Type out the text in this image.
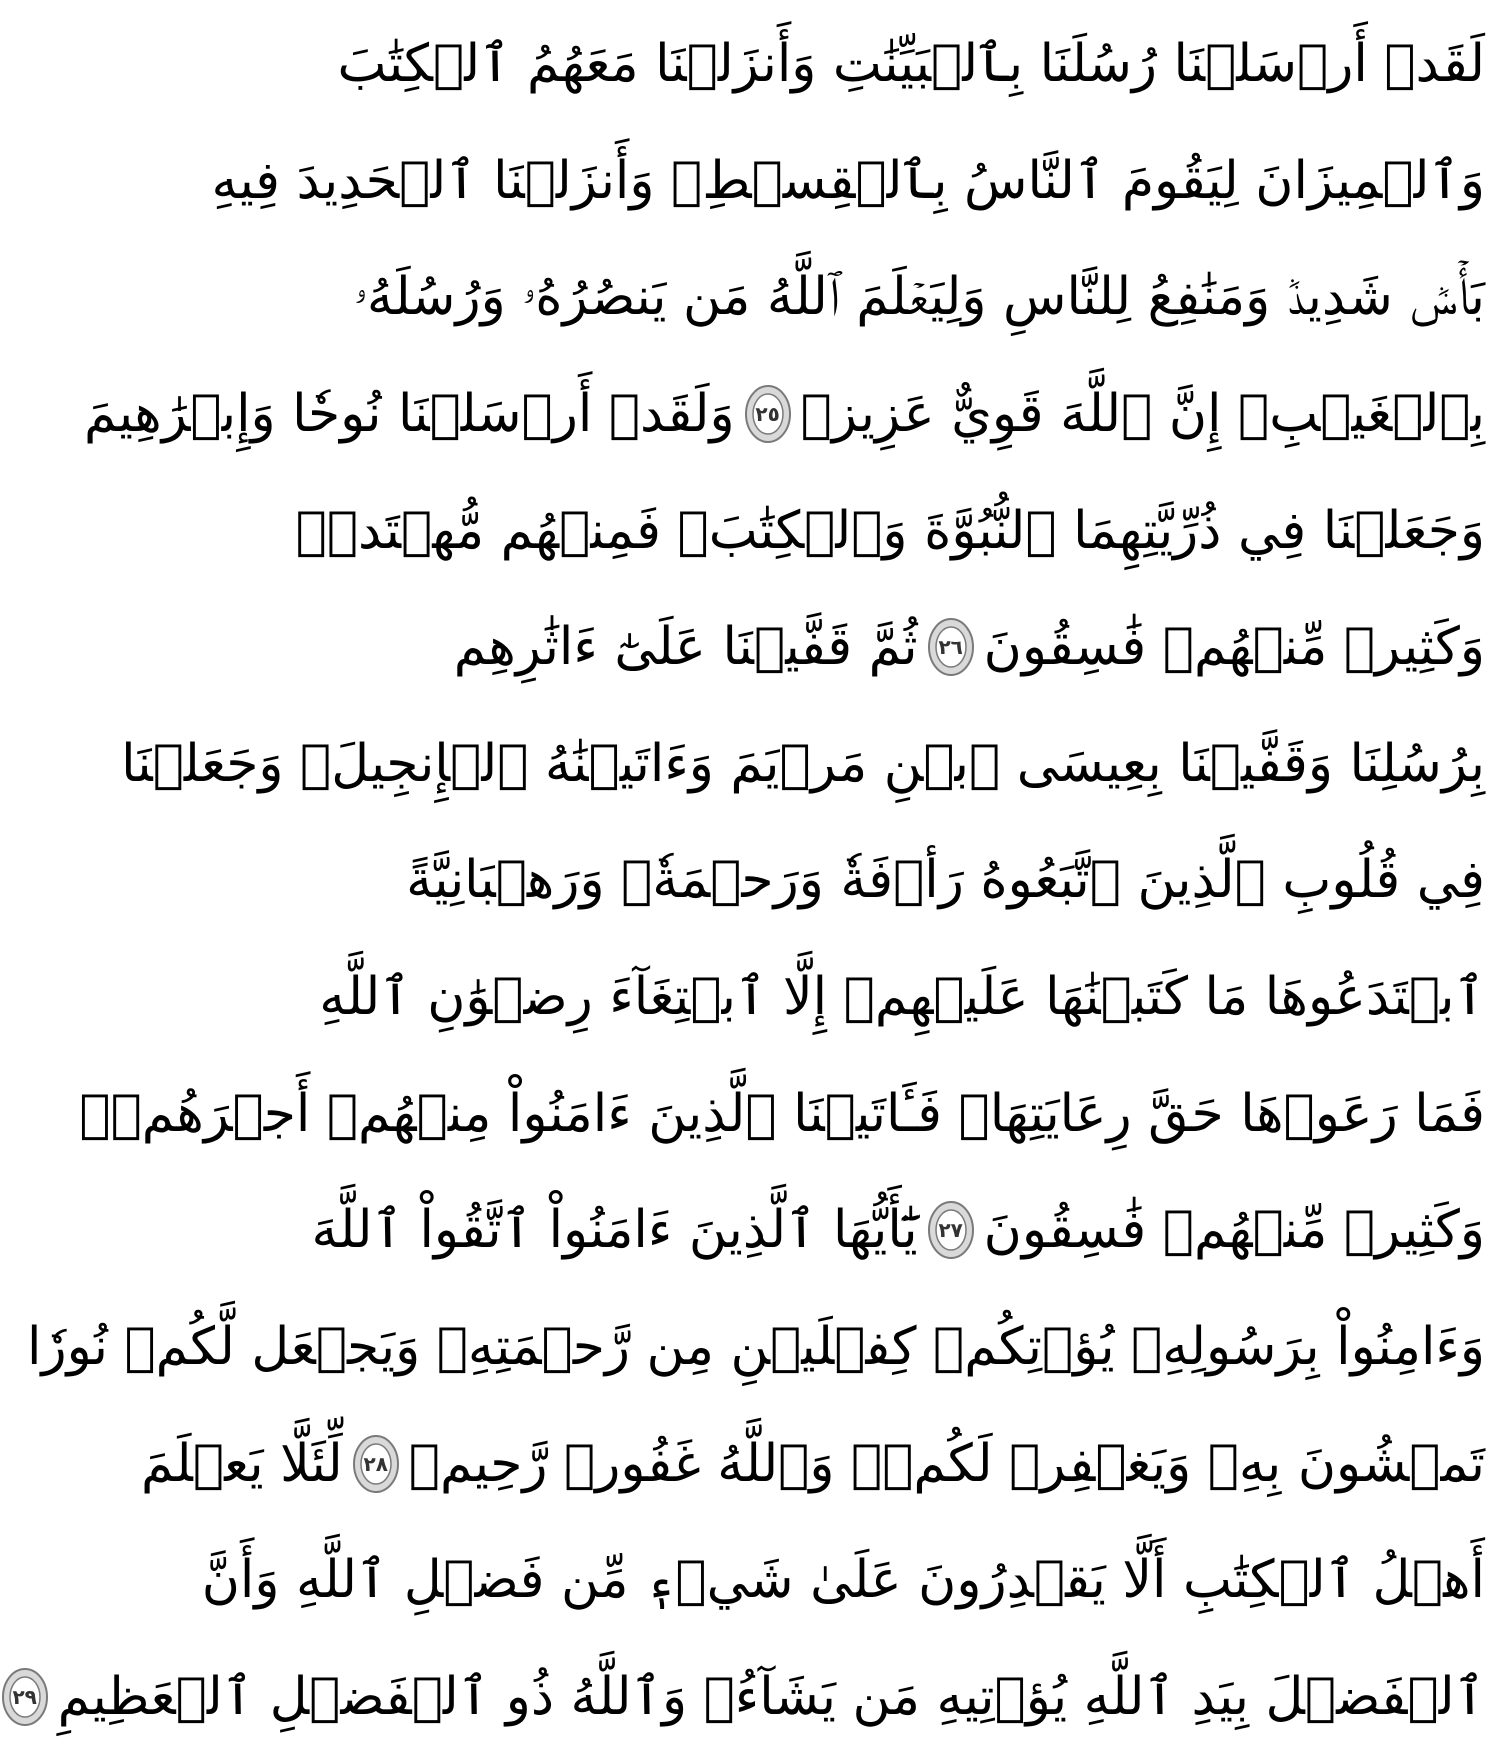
لَقَدۡ أَرۡسَلۡنَا رُسُلَنَا بِٱلۡبَيِّنَٰتِ وَأَنزَلۡنَا مَعَهُمُ ٱلۡكِتَٰبَ
وَٱلۡمِيزَانَ لِيَقُومَ ٱلنَّاسُ بِٱلۡقِسۡطِۖ وَأَنزَلۡنَا ٱلۡحَدِيدَ فِيهِ
بَأۡسٞ شَدِيدٞ وَمَنَٰفِعُ لِلنَّاسِ وَلِيَعۡلَمَ ٱللَّهُ مَن يَنصُرُهُۥ وَرُسُلَهُۥ
بِٱلۡغَيۡبِۚ إِنَّ ٱللَّهَ قَوِيٌّ عَزِيزٞ
٢٥
وَلَقَدۡ أَرۡسَلۡنَا نُوحٗا وَإِبۡرَٰهِيمَ
وَجَعَلۡنَا فِي ذُرِّيَّتِهِمَا ٱلنُّبُوَّةَ وَٱلۡكِتَٰبَۖ فَمِنۡهُم مُّهۡتَدٖۖ
وَكَثِيرٞ مِّنۡهُمۡ فَٰسِقُونَ
٢٦
ثُمَّ قَفَّيۡنَا عَلَىٰٓ ءَاثَٰرِهِم
بِرُسُلِنَا وَقَفَّيۡنَا بِعِيسَى ٱبۡنِ مَرۡيَمَ وَءَاتَيۡنَٰهُ ٱلۡإِنجِيلَۖ وَجَعَلۡنَا
فِي قُلُوبِ ٱلَّذِينَ ٱتَّبَعُوهُ رَأۡفَةٗ وَرَحۡمَةٗۚ وَرَهۡبَانِيَّةً
ٱبۡتَدَعُوهَا مَا كَتَبۡنَٰهَا عَلَيۡهِمۡ إِلَّا ٱبۡتِغَآءَ رِضۡوَٰنِ ٱللَّهِ
فَمَا رَعَوۡهَا حَقَّ رِعَايَتِهَاۖ فَـَٔاتَيۡنَا ٱلَّذِينَ ءَامَنُواْ مِنۡهُمۡ أَجۡرَهُمۡۖ
وَكَثِيرٞ مِّنۡهُمۡ فَٰسِقُونَ
٢٧
يَٰٓأَيُّهَا ٱلَّذِينَ ءَامَنُواْ ٱتَّقُواْ ٱللَّهَ
وَءَامِنُواْ بِرَسُولِهِۦ يُؤۡتِكُمۡ كِفۡلَيۡنِ مِن رَّحۡمَتِهِۦ وَيَجۡعَل لَّكُمۡ نُورٗا
تَمۡشُونَ بِهِۦ وَيَغۡفِرۡ لَكُمۡۚ وَٱللَّهُ غَفُورٞ رَّحِيمٞ
٢٨
لِّئَلَّا يَعۡلَمَ
أَهۡلُ ٱلۡكِتَٰبِ أَلَّا يَقۡدِرُونَ عَلَىٰ شَيۡءٖ مِّن فَضۡلِ ٱللَّهِ وَأَنَّ
ٱلۡفَضۡلَ بِيَدِ ٱللَّهِ يُؤۡتِيهِ مَن يَشَآءُۚ وَٱللَّهُ ذُو ٱلۡفَضۡلِ ٱلۡعَظِيمِ
٢٩
